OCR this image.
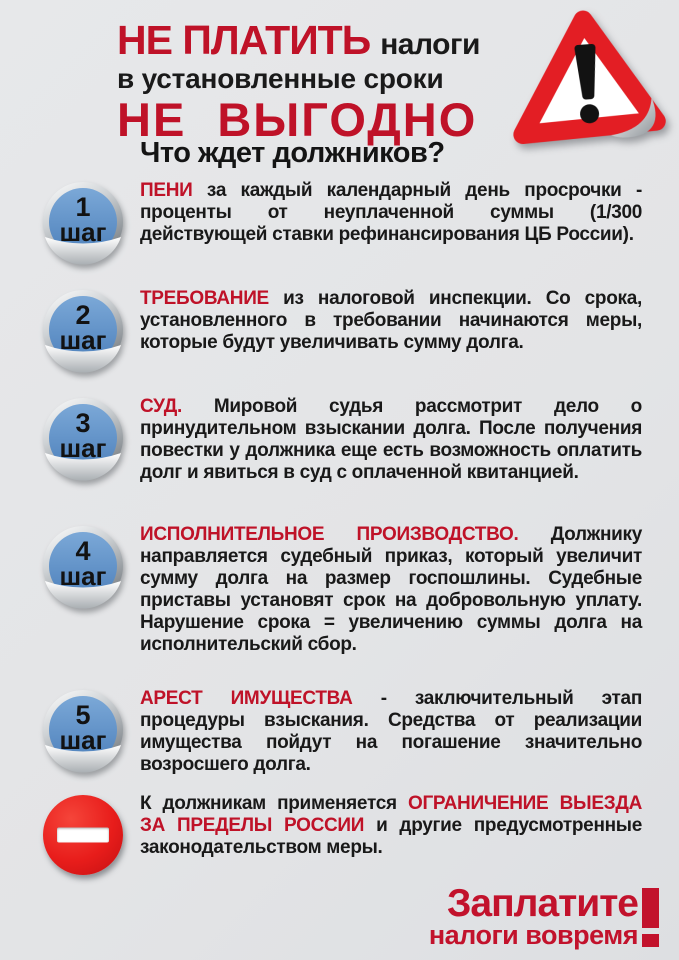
НЕ ПЛАТИТЬ налоги
в установленные сроки
НЕ ВЫГОДНО
Что ждет должников?
1
шаг

ПЕНИ за каждый календарный день просрочки - проценты от неуплаченной суммы (1/300 действующей ставки рефинансирования ЦБ России).

2
шаг

ТРЕБОВАНИЕ из налоговой инспекции. Со срока, установленного в требовании начинаются меры, которые будут увеличивать сумму долга.

3
шаг

СУД. Мировой судья рассмотрит дело о принудительном взыскании долга. После получения повестки у должника еще есть возможность оплатить долг и явиться в суд с оплаченной квитанцией.

4
шаг

ИСПОЛНИТЕЛЬНОЕ ПРОИЗВОДСТВО. Должнику направляется судебный приказ, который увеличит сумму долга на размер госпошлины. Судебные приставы установят срок на добровольную уплату. Нарушение срока = увеличению суммы долга на исполнительский сбор.

5
шаг

АРЕСТ ИМУЩЕСТВА - заключительный этап процедуры взыскания. Средства от реализации имущества пойдут на погашение значительно возросшего долга.

К должникам применяется ОГРАНИЧЕНИЕ ВЫЕЗДА ЗА ПРЕДЕЛЫ РОССИИ и другие предусмотренные законодательством меры.

Заплатите
налоги вовремя
